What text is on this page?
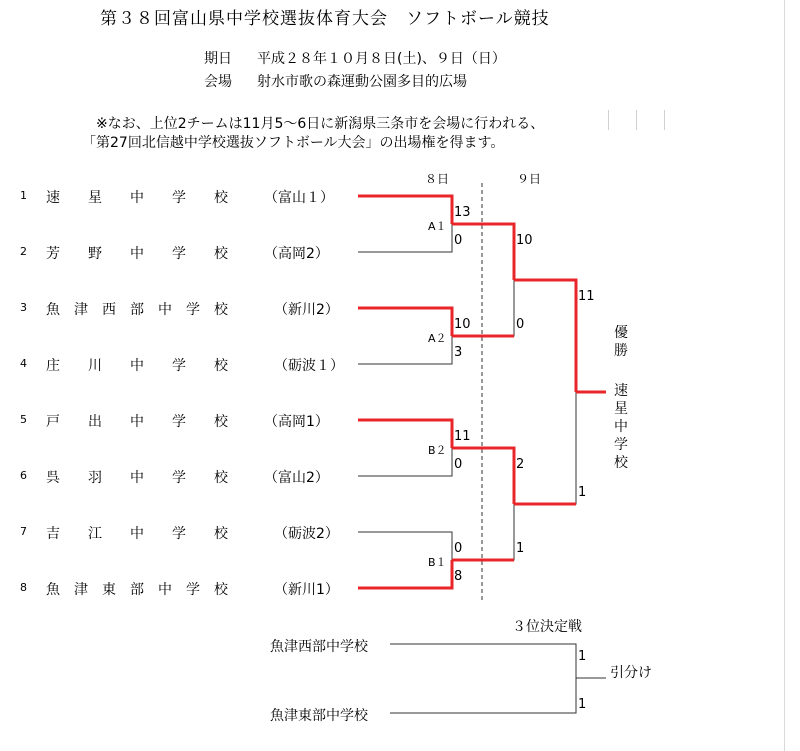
第３８回富山県中学校選抜体育大会　ソフトボール競技
期日 平成２８年１０月８日(土)、９日（日）
会場 射水市歌の森運動公園多目的広場
※なお、上位2チームは11月5〜6日に新潟県三条市を会場に行われる、
「第27回北信越中学校選抜ソフトボール大会」の出場権を得ます。
８日	９日
1 速　　星　　中　　学　　校	（富山１）
2 芳　　野　　中　　学　　校	（高岡2）
3 魚　津　西　部　中　学　校	（新川2）
4 庄　　川　　中　　学　　校	（砺波１）
5 戸　　出　　中　　学　　校	（高岡1）
6 呉　　羽　　中　　学　　校	（富山2）
7 吉　　江　　中　　学　　校	（砺波2）
8 魚　津　東　部　中　学　校	（新川1）
A１
A２
B２
B１
13
0
10
3
11
0
0
8
10
0
2
1
11
1
優勝
速星中学校
３位決定戦
魚津西部中学校
魚津東部中学校
1
1
引分け
